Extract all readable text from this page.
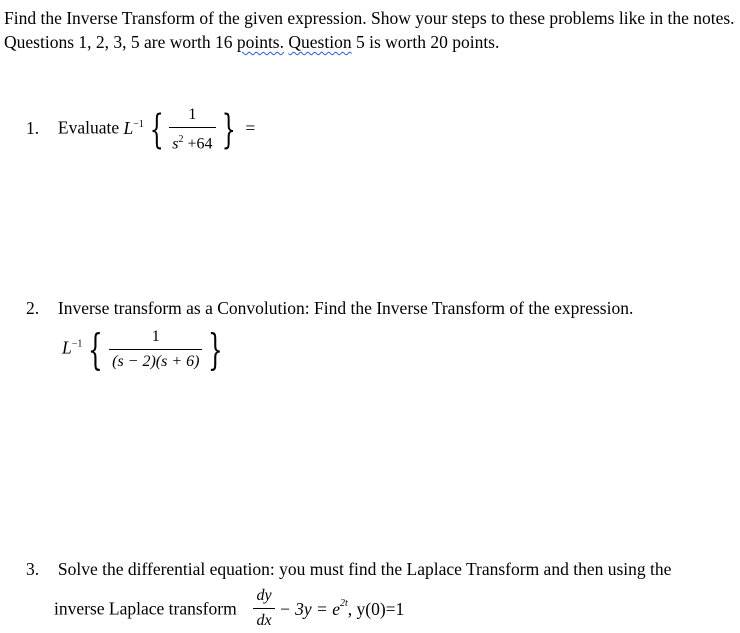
Find the Inverse Transform of the given expression. Show your steps to these problems like in the notes. Questions 1, 2, 3, 5 are worth 16 points. Question 5 is worth 20 points.
1. Evaluate $L^{-1}$ { $\frac{1}{s^2 +64}$ } =
2. Inverse transform as a Convolution: Find the Inverse Transform of the expression.
$L^{-1}$ { $\frac{1}{(s - 2)(s + 6)}$ }
3. Solve the differential equation: you must find the Laplace Transform and then using the
inverse Laplace transform $\frac{dy}{dx} - 3y = e^{2t}$, y(0)=1
